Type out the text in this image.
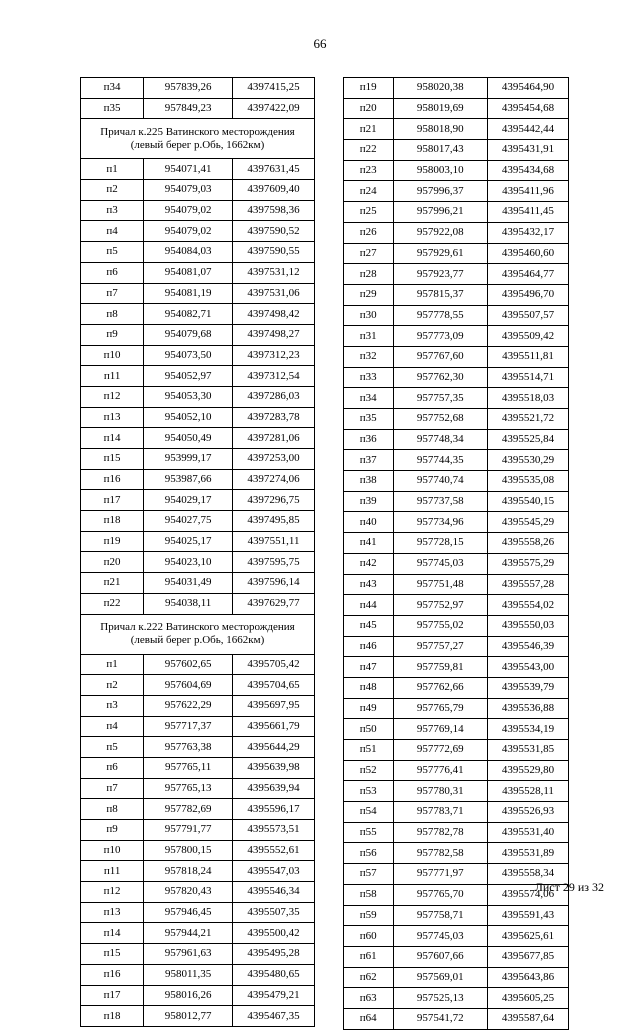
66
п34	957839,26	4397415,25
п35	957849,23	4397422,09
Причал к.225 Ватинского месторождения (левый берег р.Обь, 1662км)		
п1	954071,41	4397631,45
п2	954079,03	4397609,40
п3	954079,02	4397598,36
п4	954079,02	4397590,52
п5	954084,03	4397590,55
п6	954081,07	4397531,12
п7	954081,19	4397531,06
п8	954082,71	4397498,42
п9	954079,68	4397498,27
п10	954073,50	4397312,23
п11	954052,97	4397312,54
п12	954053,30	4397286,03
п13	954052,10	4397283,78
п14	954050,49	4397281,06
п15	953999,17	4397253,00
п16	953987,66	4397274,06
п17	954029,17	4397296,75
п18	954027,75	4397495,85
п19	954025,17	4397551,11
п20	954023,10	4397595,75
п21	954031,49	4397596,14
п22	954038,11	4397629,77
Причал к.222 Ватинского месторождения (левый берег р.Обь, 1662км)		
п1	957602,65	4395705,42
п2	957604,69	4395704,65
п3	957622,29	4395697,95
п4	957717,37	4395661,79
п5	957763,38	4395644,29
п6	957765,11	4395639,98
п7	957765,13	4395639,94
п8	957782,69	4395596,17
п9	957791,77	4395573,51
п10	957800,15	4395552,61
п11	957818,24	4395547,03
п12	957820,43	4395546,34
п13	957946,45	4395507,35
п14	957944,21	4395500,42
п15	957961,63	4395495,28
п16	958011,35	4395480,65
п17	958016,26	4395479,21
п18	958012,77	4395467,35
п19	958020,38	4395464,90
п20	958019,69	4395454,68
п21	958018,90	4395442,44
п22	958017,43	4395431,91
п23	958003,10	4395434,68
п24	957996,37	4395411,96
п25	957996,21	4395411,45
п26	957922,08	4395432,17
п27	957929,61	4395460,60
п28	957923,77	4395464,77
п29	957815,37	4395496,70
п30	957778,55	4395507,57
п31	957773,09	4395509,42
п32	957767,60	4395511,81
п33	957762,30	4395514,71
п34	957757,35	4395518,03
п35	957752,68	4395521,72
п36	957748,34	4395525,84
п37	957744,35	4395530,29
п38	957740,74	4395535,08
п39	957737,58	4395540,15
п40	957734,96	4395545,29
п41	957728,15	4395558,26
п42	957745,03	4395575,29
п43	957751,48	4395557,28
п44	957752,97	4395554,02
п45	957755,02	4395550,03
п46	957757,27	4395546,39
п47	957759,81	4395543,00
п48	957762,66	4395539,79
п49	957765,79	4395536,88
п50	957769,14	4395534,19
п51	957772,69	4395531,85
п52	957776,41	4395529,80
п53	957780,31	4395528,11
п54	957783,71	4395526,93
п55	957782,78	4395531,40
п56	957782,58	4395531,89
п57	957771,97	4395558,34
п58	957765,70	4395574,06
п59	957758,71	4395591,43
п60	957745,03	4395625,61
п61	957607,66	4395677,85
п62	957569,01	4395643,86
п63	957525,13	4395605,25
п64	957541,72	4395587,64
Лист 29 из 32
